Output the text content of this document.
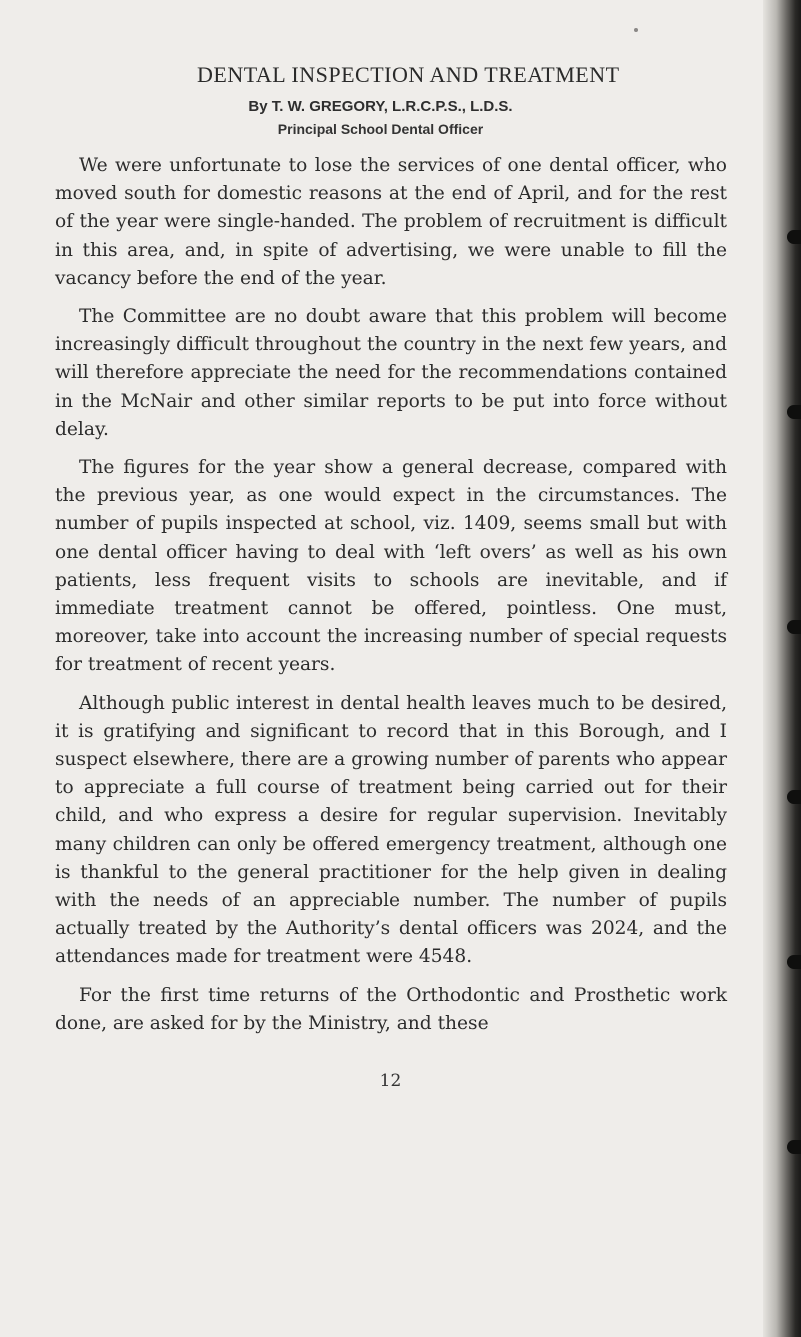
DENTAL INSPECTION AND TREATMENT
By T. W. GREGORY, L.R.C.P.S., L.D.S.
Principal School Dental Officer

We were unfortunate to lose the services of one dental officer, who moved south for domestic reasons at the end of April, and for the rest of the year were single-handed. The problem of recruitment is difficult in this area, and, in spite of advertising, we were unable to fill the vacancy before the end of the year.

The Committee are no doubt aware that this problem will become increasingly difficult throughout the country in the next few years, and will therefore appreciate the need for the recommendations contained in the McNair and other similar reports to be put into force without delay.

The figures for the year show a general decrease, compared with the previous year, as one would expect in the circumstances. The number of pupils inspected at school, viz. 1409, seems small but with one dental officer having to deal with ‘left overs’ as well as his own patients, less frequent visits to schools are inevitable, and if immediate treatment cannot be offered, pointless. One must, moreover, take into account the increasing number of special requests for treatment of recent years.

Although public interest in dental health leaves much to be desired, it is gratifying and significant to record that in this Borough, and I suspect elsewhere, there are a growing number of parents who appear to appreciate a full course of treatment being carried out for their child, and who express a desire for regular supervision. Inevitably many children can only be offered emergency treatment, although one is thankful to the general practitioner for the help given in dealing with the needs of an appreciable number. The number of pupils actually treated by the Authority’s dental officers was 2024, and the attendances made for treatment were 4548.

For the first time returns of the Orthodontic and Prosthetic work done, are asked for by the Ministry, and these

12
